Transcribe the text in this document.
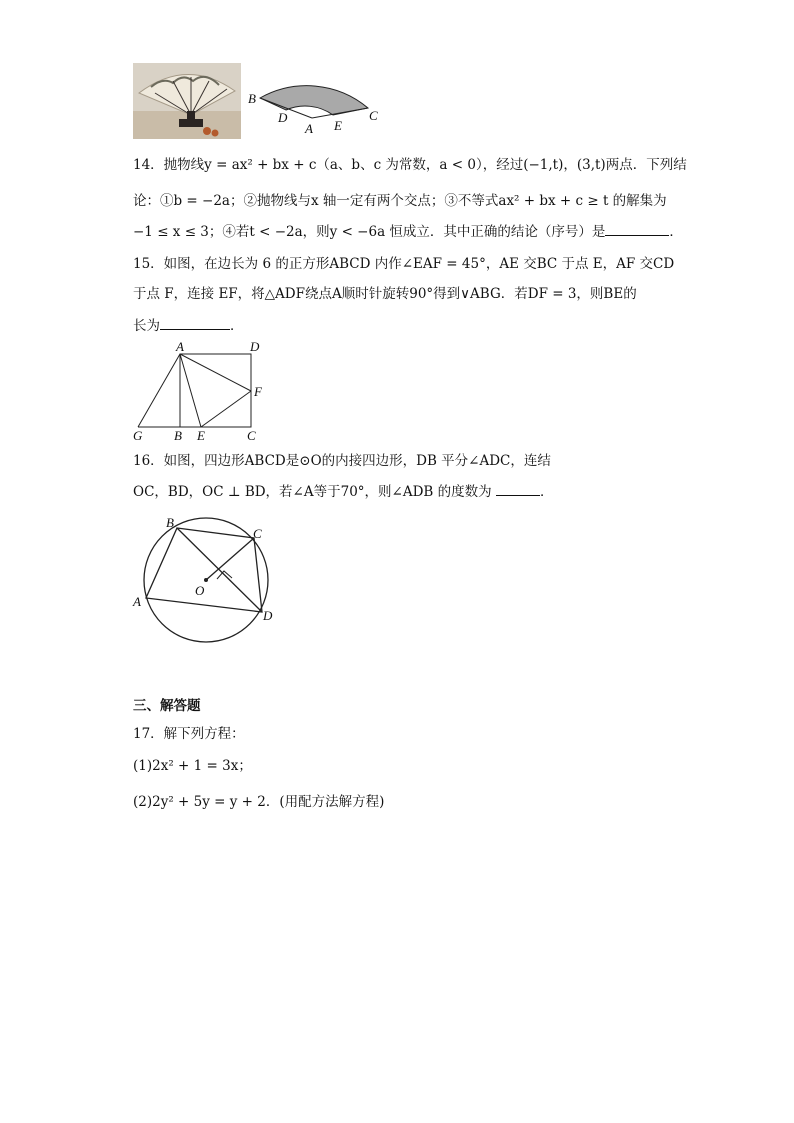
B
D
A E
C
14．抛物线y = ax² + bx + c（a、b、c 为常数，a < 0），经过(−1,t)，(3,t)两点．下列结
论：①b = −2a；②抛物线与x 轴一定有两个交点；③不等式ax² + bx + c ≥ t 的解集为
−1 ≤ x ≤ 3；④若t < −2a，则y < −6a 恒成立．其中正确的结论（序号）是	．
15．如图，在边长为 6 的正方形ABCD 内作∠EAF = 45°，AE 交BC 于点 E，AF 交CD
于点 F，连接 EF，将△ADF绕点A顺时针旋转90°得到∨ABG．若DF = 3，则BE的
长为	．
A	D
F
G B E	C
16．如图，四边形ABCD是⊙O的内接四边形，DB 平分∠ADC，连结
OC，BD，OC ⊥ BD，若∠A等于70°，则∠ADB 的度数为	．
B
C
O
A
D
三、解答题
17．解下列方程：
(1)2x² + 1 = 3x；
(2)2y² + 5y = y + 2．(用配方法解方程)
